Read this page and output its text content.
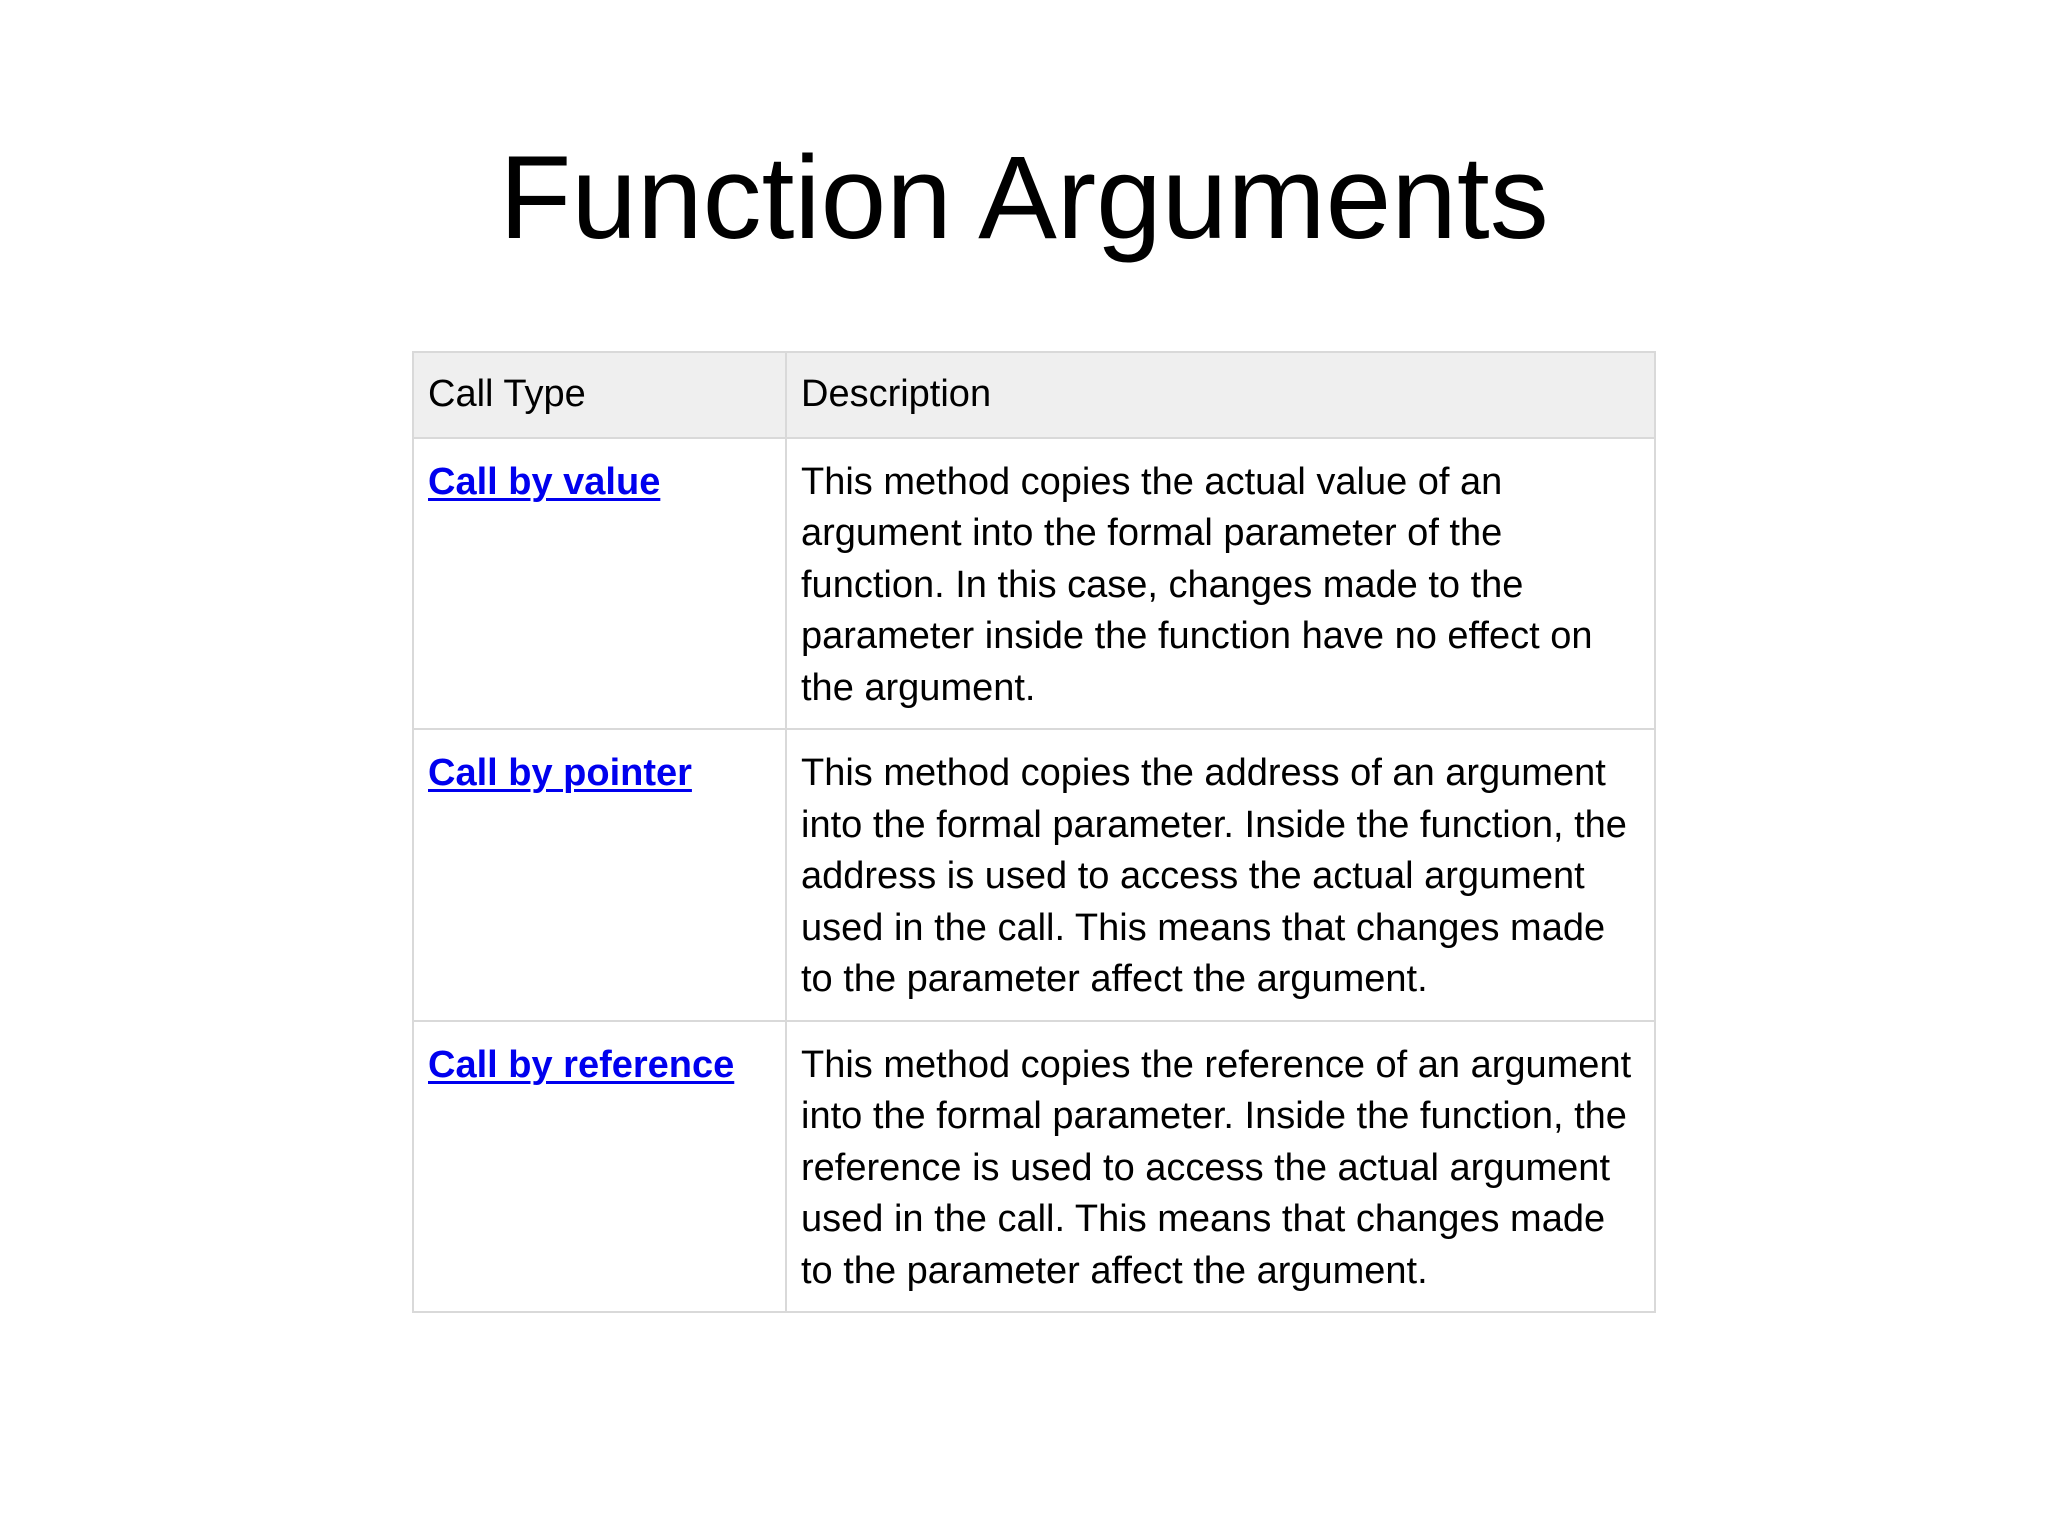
Function Arguments
Call Type	Description
Call by value	This method copies the actual value of an argument into the formal parameter of the function. In this case, changes made to the parameter inside the function have no effect on the argument.
Call by pointer	This method copies the address of an argument into the formal parameter. Inside the function, the address is used to access the actual argument used in the call. This means that changes made to the parameter affect the argument.
Call by reference	This method copies the reference of an argument into the formal parameter. Inside the function, the reference is used to access the actual argument used in the call. This means that changes made to the parameter affect the argument.
